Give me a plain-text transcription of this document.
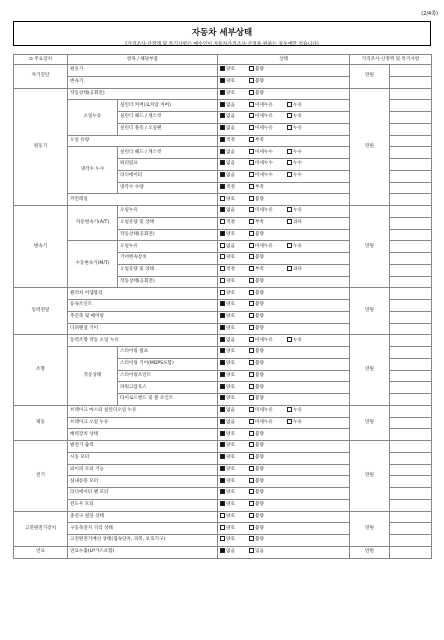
(2/4쪽)
자동차 세부상태
(가격조사·산정액 및 특기사항은 매수인이 자동차가격조사·산정을 원하는 경우에만 적습니다)
⊙ 주요장치	항목 / 해당부품		상태	가격조사·산정액 및 특기사항	
자기진단	원동기		양호 불량	만원	
	변속기		양호 불량		
원동기	작동상태(공회전)		양호 불량	만원	
	오일누유	실린더 커버(로커암 커버)	없음 미세누유 누유		
		실린더 헤드 / 개스킷	없음 미세누유 누유		
		실린더 블록 / 오일팬	없음 미세누유 누유		
	오일 유량		적정 부족		
	냉각수 누수	실린더 헤드 / 개스킷	없음 미세누수 누수		
		워터펌프	없음 미세누수 누수		
		라디에이터	없음 미세누수 누수		
		냉각수 수량	적정 부족		
	커먼레일		양호 불량		
변속기	자동변속기(A/T)	오일누유	없음 미세누유 누유	만원	
		오일유량 및 상태	적정 부족 과다		
		작동상태(공회전)	양호 불량		
	수동변속기(M/T)	오일누유	없음 미세누유 누유		
		기어변속장치	양호 불량		
		오일유량 및 상태	적정 부족 과다		
		작동상태(공회전)	양호 불량		
동력전달	클러치 어셈블리		양호 불량	만원	
	등속조인트		양호 불량		
	추진축 및 베어링		양호 불량		
	디퍼렌셜 기어		양호 불량		
조향	동력조향 작동 오일 누유		없음 미세누유 누유	만원	
	작동상태	스티어링 펌프	양호 불량		
		스티어링 기어(MDPS포함)	양호 불량		
		스티어링조인트	양호 불량		
		파워고압호스	양호 불량		
		타이로드엔드 및 볼 조인트	양호 불량		
제동	브레이크 마스터 실린더오일 누유		없음 미세누유 누유	만원	
	브레이크 오일 누유		없음 미세누유 누유		
	배력장치 상태		양호 불량		
전기	발전기 출력		양호 불량	만원	
	시동 모터		양호 불량		
	와이퍼 모터 기능		양호 불량		
	실내송풍 모터		양호 불량		
	라디에이터 팬 모터		양호 불량		
	윈도우 모터		양호 불량		
고전원전기장치	충전구 절연 상태		양호 불량	만원	
	구동축전지 격리 상태		양호 불량		
	고전원전기배선 상태(접속단자, 피복, 보호기구)		양호 불량		
연료	연료누출(LP가스포함)		없음 있음	만원	
